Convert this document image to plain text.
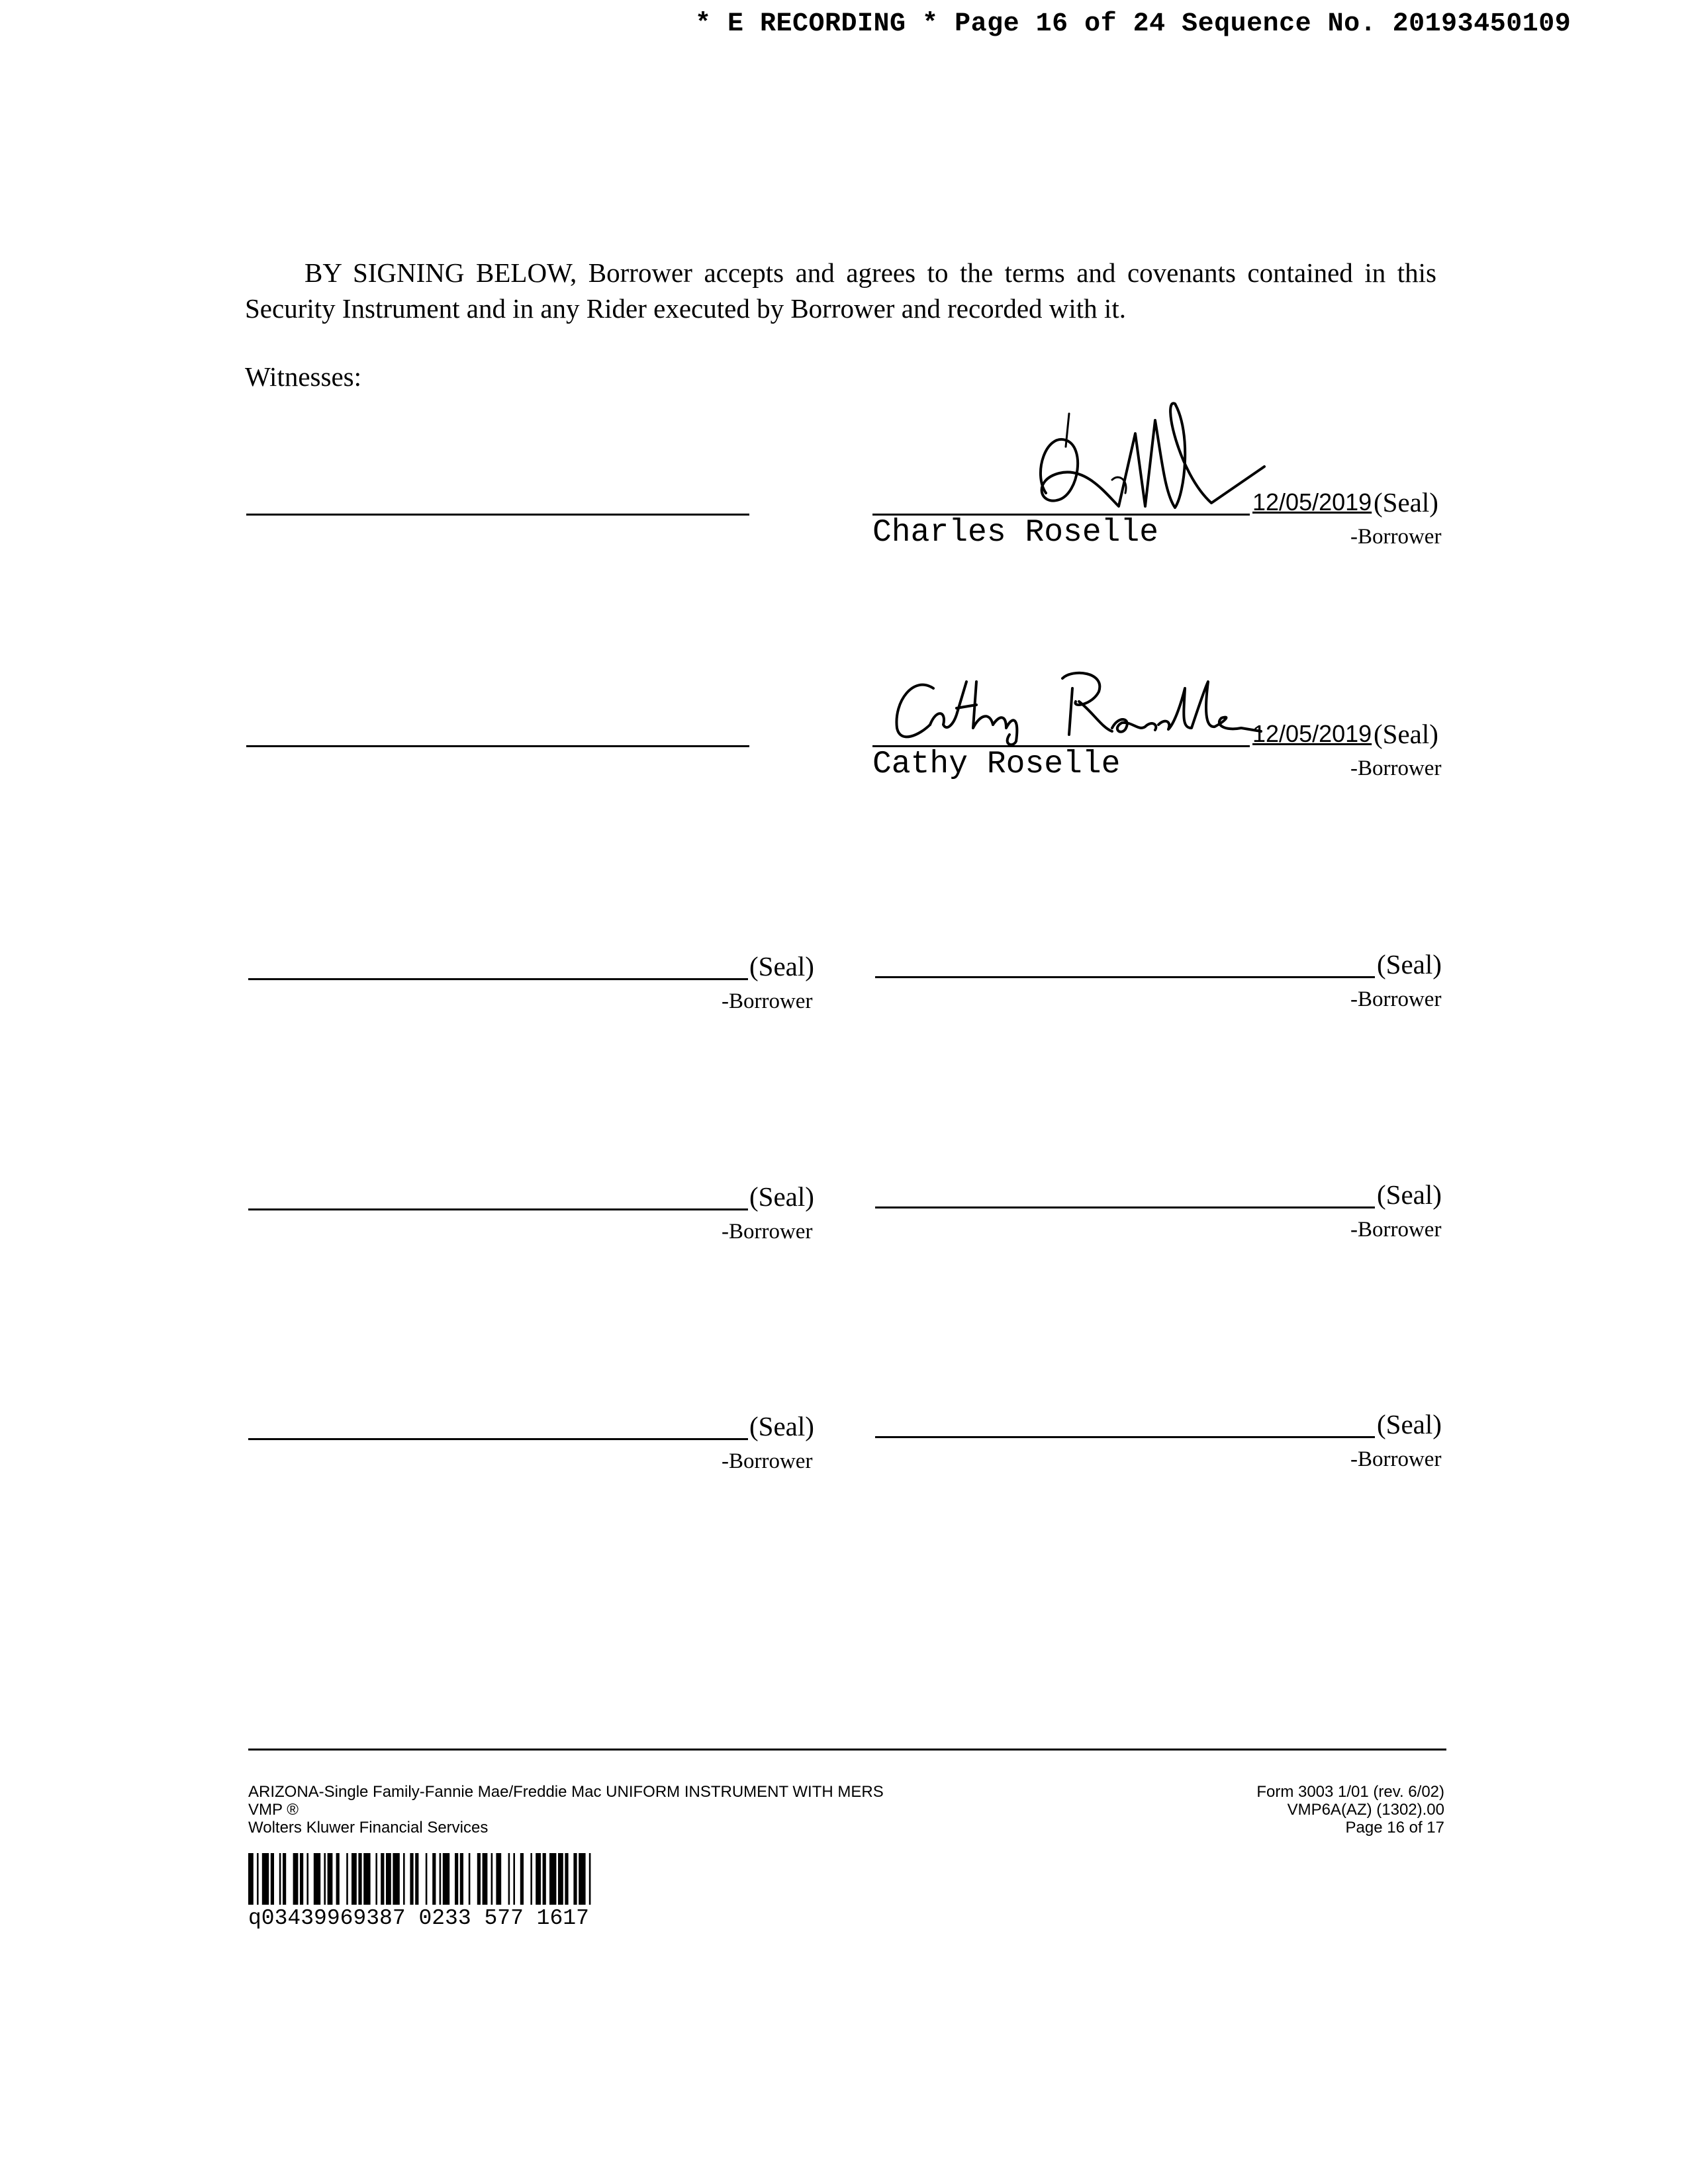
* E RECORDING * Page 16 of 24 Sequence No. 20193450109
BY SIGNING BELOW, Borrower accepts and agrees to the terms and covenants contained in this Security Instrument and in any Rider executed by Borrower and recorded with it.
Witnesses:
12/05/2019 (Seal)
Charles Roselle	-Borrower
12/05/2019 (Seal)
Cathy Roselle	-Borrower
(Seal)
-Borrower
(Seal)
-Borrower
(Seal)
-Borrower
(Seal)
-Borrower
(Seal)
-Borrower
(Seal)
-Borrower
ARIZONA-Single Family-Fannie Mae/Freddie Mac UNIFORM INSTRUMENT WITH MERS
VMP ®
Wolters Kluwer Financial Services
Form 3003 1/01 (rev. 6/02)
VMP6A(AZ) (1302).00
Page 16 of 17
q03439969387 0233 577 1617
